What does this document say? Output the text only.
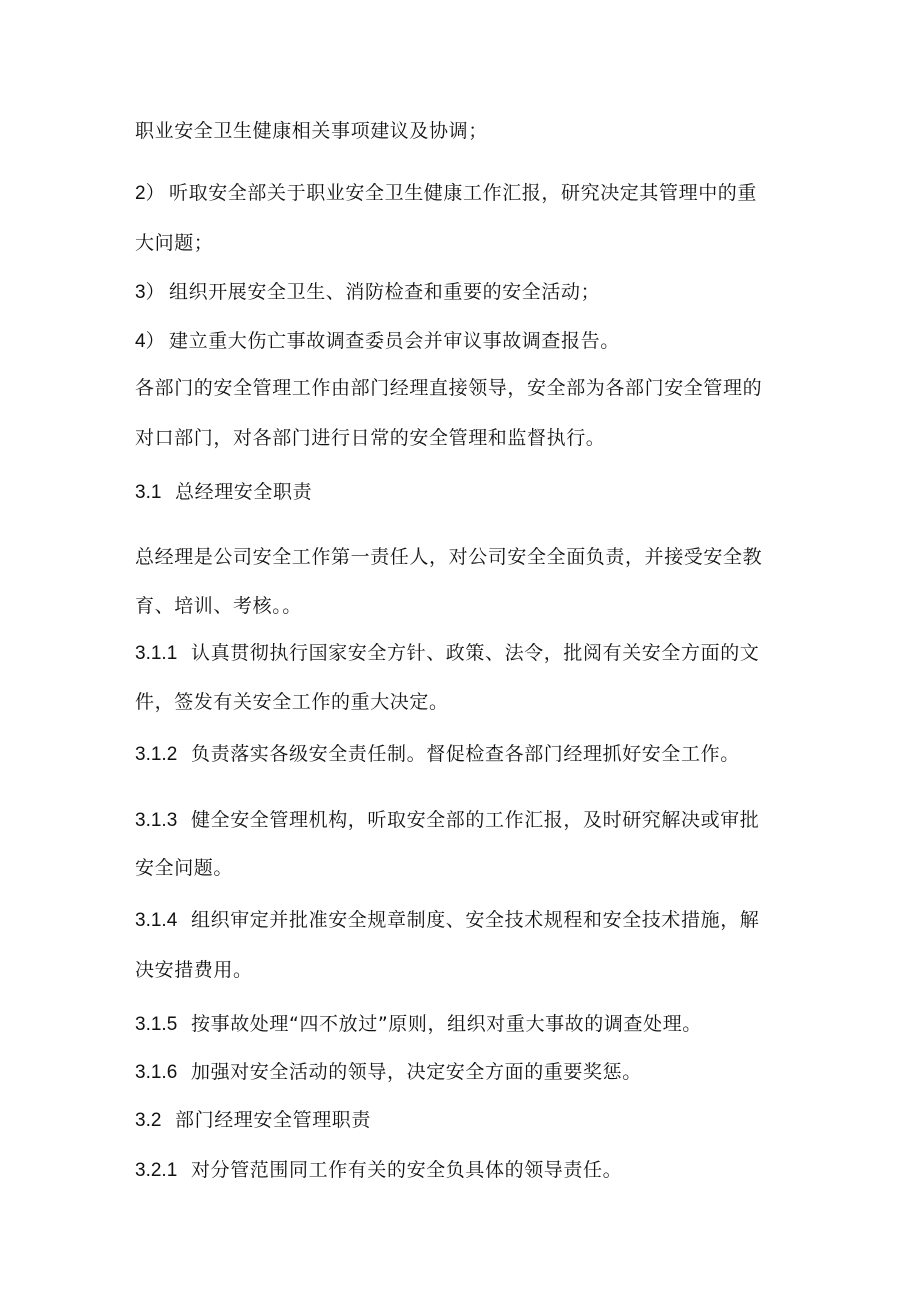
职业安全卫生健康相关事项建议及协调；
2） 听取安全部关于职业安全卫生健康工作汇报，研究决定其管理中的重
大问题；
3） 组织开展安全卫生、消防检查和重要的安全活动；
4） 建立重大伤亡事故调查委员会并审议事故调查报告。
各部门的安全管理工作由部门经理直接领导，安全部为各部门安全管理的
对口部门，对各部门进行日常的安全管理和监督执行。
3.1 总经理安全职责
总经理是公司安全工作第一责任人，对公司安全全面负责，并接受安全教
育、培训、考核。。
3.1.1 认真贯彻执行国家安全方针、政策、法令，批阅有关安全方面的文
件，签发有关安全工作的重大决定。
3.1.2 负责落实各级安全责任制。督促检查各部门经理抓好安全工作。
3.1.3 健全安全管理机构，听取安全部的工作汇报，及时研究解决或审批
安全问题。
3.1.4 组织审定并批准安全规章制度、安全技术规程和安全技术措施，解
决安措费用。
3.1.5 按事故处理“四不放过”原则，组织对重大事故的调查处理。
3.1.6 加强对安全活动的领导，决定安全方面的重要奖惩。
3.2 部门经理安全管理职责
3.2.1 对分管范围同工作有关的安全负具体的领导责任。
